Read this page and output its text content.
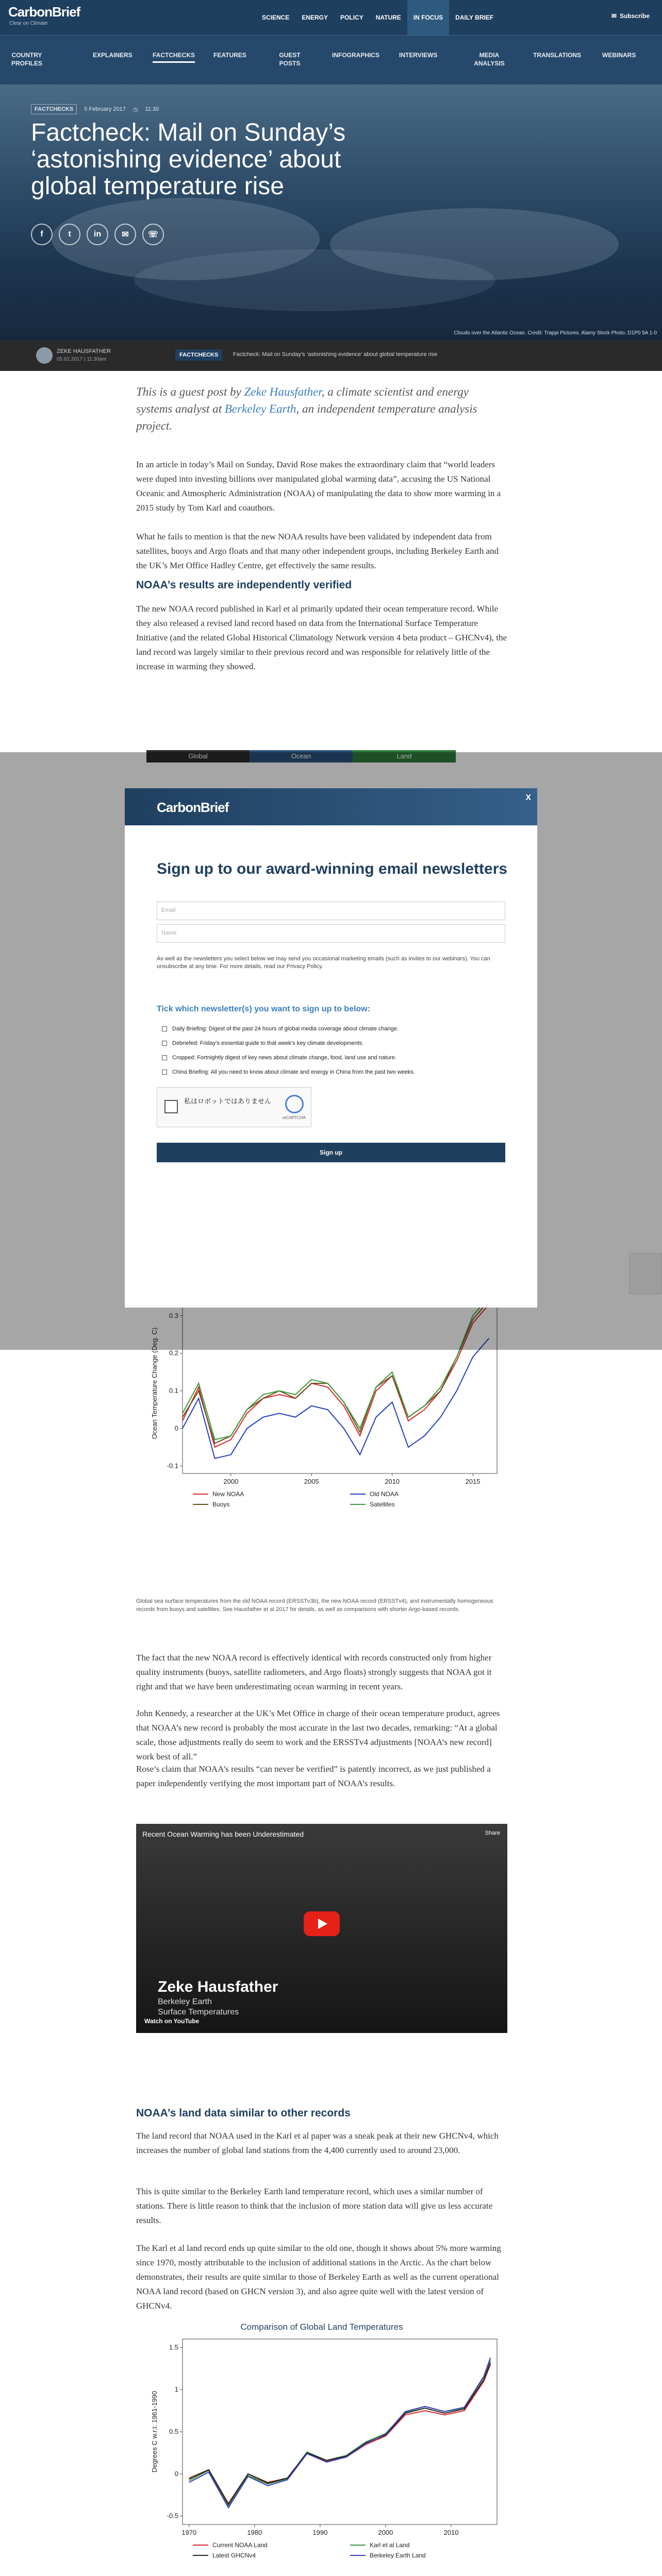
CarbonBrief
Clear on Climate
SCIENCE	ENERGY	POLICY	NATURE	IN FOCUS	DAILY BRIEF	✉ Subscribe
COUNTRY PROFILES
EXPLAINERS	FACTCHECKS	FEATURES	GUEST POSTS
INFOGRAPHICS	INTERVIEWS	MEDIA ANALYSIS
TRANSLATIONS	WEBINARS
FACTCHECKS	5 February 2017 ◷ 11:30
Factcheck: Mail on Sunday’s ‘astonishing evidence’ about global temperature rise
f	t	in	✉	☏
Clouds over the Atlantic Ocean. Credit: Trappi Pictures. Alamy Stock Photo. D1P0 5A 1-0
ZEKE HAUSFATHER
05.02.2017 | 11:30am
FACTCHECKS	Factcheck: Mail on Sunday’s ‘astonishing evidence’ about global temperature rise

This is a guest post by Zeke Hausfather, a climate scientist and energy systems analyst at Berkeley Earth, an independent temperature analysis project.

In an article in today’s Mail on Sunday, David Rose makes the extraordinary claim that “world leaders were duped into investing billions over manipulated global warming data”, accusing the US National Oceanic and Atmospheric Administration (NOAA) of manipulating the data to show more warming in a 2015 study by Tom Karl and coauthors.
What he fails to mention is that the new NOAA results have been validated by independent data from satellites, buoys and Argo floats and that many other independent groups, including Berkeley Earth and the UK’s Met Office Hadley Centre, get effectively the same results.
NOAA’s results are independently verified
The new NOAA record published in Karl et al primarily updated their ocean temperature record. While they also released a revised land record based on data from the International Surface Temperature Initiative (and the related Global Historical Climatology Network version 4 beta product – GHCNv4), the land record was largely similar to their previous record and was responsible for relatively little of the increase in warming they showed.
Global	Ocean	Land
-0.1
0
0.1
0.2
0.3
2000	2005	2010	2015
Ocean Temperature Change (Deg. C)
New NOAA	Old NOAA
Buoys	Satellites
Global sea surface temperatures from the old NOAA record (ERSSTv3b), the new NOAA record (ERSSTv4), and instrumentally homogeneous records from buoys and satellites. See Hausfather et al 2017 for details, as well as comparisons with shorter Argo-based records.
The fact that the new NOAA record is effectively identical with records constructed only from higher quality instruments (buoys, satellite radiometers, and Argo floats) strongly suggests that NOAA got it right and that we have been underestimating ocean warming in recent years.
John Kennedy, a researcher at the UK’s Met Office in charge of their ocean temperature product, agrees that NOAA’s new record is probably the most accurate in the last two decades, remarking: “At a global scale, those adjustments really do seem to work and the ERSSTv4 adjustments [NOAA’s new record] work best of all.”
Rose’s claim that NOAA’s results “can never be verified” is patently incorrect, as we just published a paper independently verifying the most important part of NOAA’s results.
Recent Ocean Warming has been Underestimated	Share
Zeke Hausfather
Berkeley Earth
Surface Temperatures
Watch on YouTube
NOAA’s land data similar to other records
The land record that NOAA used in the Karl et al paper was a sneak peak at their new GHCNv4, which increases the number of global land stations from the 4,400 currently used to around 23,000.
This is quite similar to the Berkeley Earth land temperature record, which uses a similar number of stations. There is little reason to think that the inclusion of more station data will give us less accurate results.
The Karl et al land record ends up quite similar to the old one, though it shows about 5% more warming since 1970, mostly attributable to the inclusion of additional stations in the Arctic. As the chart below demonstrates, their results are quite similar to those of Berkeley Earth as well as the current operational NOAA land record (based on GHCN version 3), and also agree quite well with the latest version of GHCNv4.
Comparison of Global Land Temperatures
-0.5
0
0.5
1
1.5
1970	1980	1990	2000	2010
Degrees C w.r.t. 1961-1990
Current NOAA Land	Karl et al Land
Latest GHCNv4	Berkeley Earth Land
CarbonBrief
X
Sign up to our award-winning email newsletters
Email
Name
As well as the newsletters you select below we may send you occasional marketing emails (such as invites to our webinars). You can unsubscribe at any time. For more details, read our Privacy Policy.
Tick which newsletter(s) you want to sign up to below:
Daily Briefing: Digest of the past 24 hours of global media coverage about climate change.
Debriefed: Friday’s essential guide to that week’s key climate developments.
Cropped: Fortnightly digest of key news about climate change, food, land use and nature.
China Briefing: All you need to know about climate and energy in China from the past two weeks.
私はロボットではありません
reCAPTCHA
Sign up
